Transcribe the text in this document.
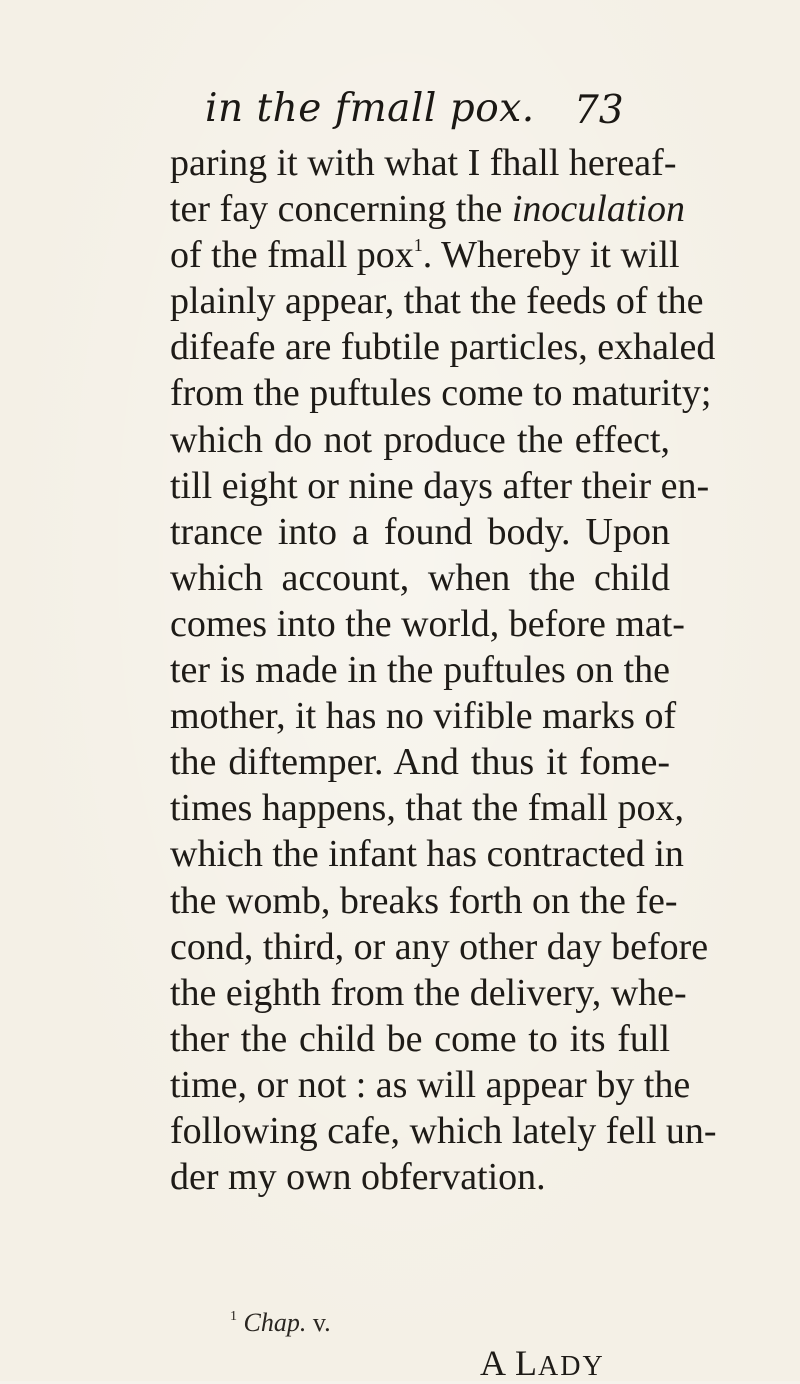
in the fmall pox. 73
paring it with what I fhall hereaf-
ter fay concerning the inoculation
of the fmall pox$^1$. Whereby it will
plainly appear, that the feeds of the
difeafe are fubtile particles, exhaled
from the puftules come to maturity;
which do not produce the effect,
till eight or nine days after their en-
trance into a found body. Upon
which account, when the child
comes into the world, before mat-
ter is made in the puftules on the
mother, it has no vifible marks of
the diftemper. And thus it fome-
times happens, that the fmall pox,
which the infant has contracted in
the womb, breaks forth on the fe-
cond, third, or any other day before
the eighth from the delivery, whe-
ther the child be come to its full
time, or not : as will appear by the
following cafe, which lately fell un-
der my own obfervation.
$^1$ Chap. v.
A LADY
